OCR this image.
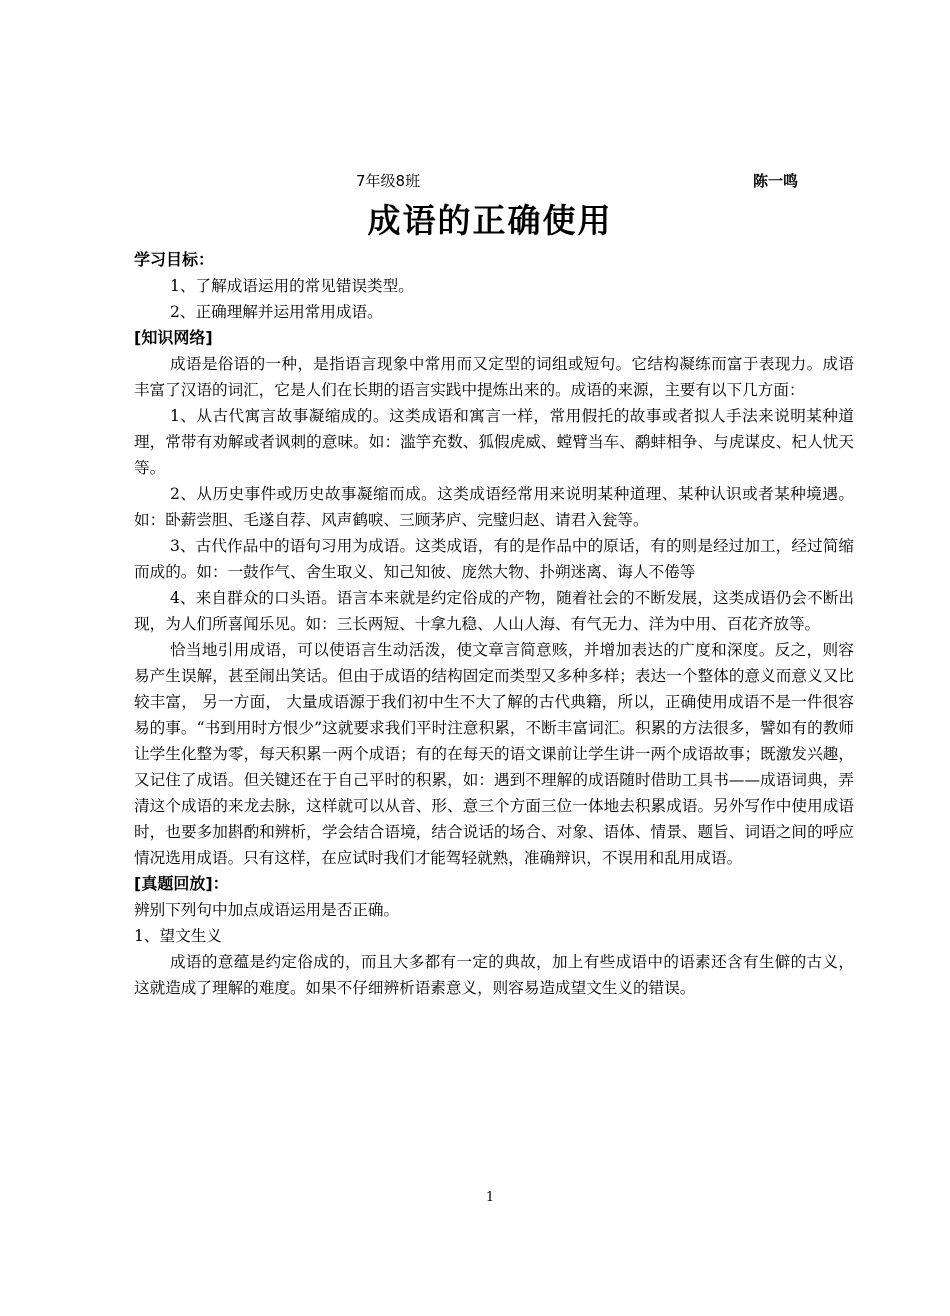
7年级8班	陈一鸣
成语的正确使用
学习目标：
1、了解成语运用的常见错误类型。
2、正确理解并运用常用成语。
[知识网络]

成语是俗语的一种，是指语言现象中常用而又定型的词组或短句。它结构凝练而富于表现力。成语丰富了汉语的词汇，它是人们在长期的语言实践中提炼出来的。成语的来源，主要有以下几方面：

1、从古代寓言故事凝缩成的。这类成语和寓言一样，常用假托的故事或者拟人手法来说明某种道理，常带有劝解或者讽刺的意味。如：滥竽充数、狐假虎威、螳臂当车、鹬蚌相争、与虎谋皮、杞人忧天等。

2、从历史事件或历史故事凝缩而成。这类成语经常用来说明某种道理、某种认识或者某种境遇。如：卧薪尝胆、毛遂自荐、风声鹤唳、三顾茅庐、完璧归赵、请君入瓮等。

3、古代作品中的语句习用为成语。这类成语，有的是作品中的原话，有的则是经过加工，经过简缩而成的。如：一鼓作气、舍生取义、知己知彼、庞然大物、扑朔迷离、诲人不倦等

4、来自群众的口头语。语言本来就是约定俗成的产物，随着社会的不断发展，这类成语仍会不断出现，为人们所喜闻乐见。如：三长两短、十拿九稳、人山人海、有气无力、洋为中用、百花齐放等。

恰当地引用成语，可以使语言生动活泼，使文章言简意赅，并增加表达的广度和深度。反之，则容易产生误解，甚至闹出笑话。但由于成语的结构固定而类型又多种多样；表达一个整体的意义而意义又比较丰富， 另一方面， 大量成语源于我们初中生不大了解的古代典籍，所以，正确使用成语不是一件很容易的事。“书到用时方恨少”这就要求我们平时注意积累，不断丰富词汇。积累的方法很多，譬如有的教师让学生化整为零，每天积累一两个成语；有的在每天的语文课前让学生讲一两个成语故事；既激发兴趣，又记住了成语。但关键还在于自己平时的积累，如：遇到不理解的成语随时借助工具书——成语词典，弄清这个成语的来龙去脉，这样就可以从音、形、意三个方面三位一体地去积累成语。另外写作中使用成语时，也要多加斟酌和辨析，学会结合语境，结合说话的场合、对象、语体、情景、题旨、词语之间的呼应情况选用成语。只有这样，在应试时我们才能驾轻就熟，准确辩识，不误用和乱用成语。

[真题回放]：
辨别下列句中加点成语运用是否正确。
1、望文生义

成语的意蕴是约定俗成的，而且大多都有一定的典故，加上有些成语中的语素还含有生僻的古义，这就造成了理解的难度。如果不仔细辨析语素意义，则容易造成望文生义的错误。

1
